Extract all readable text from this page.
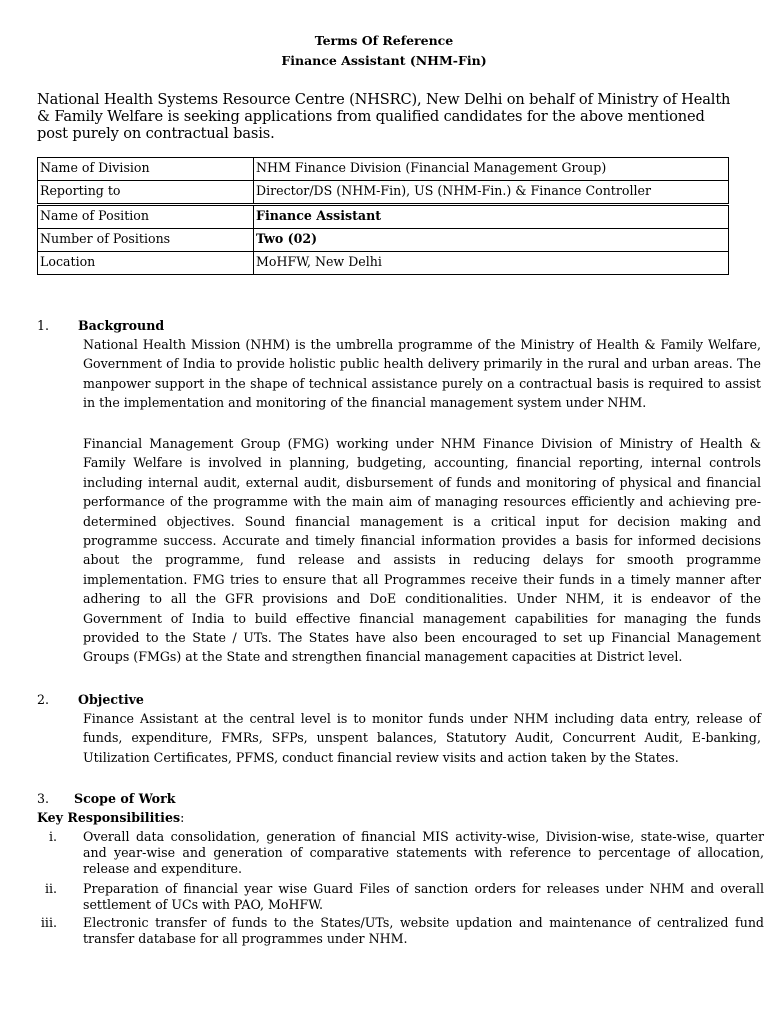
Terms Of Reference
Finance Assistant (NHM-Fin)
National Health Systems Resource Centre (NHSRC), New Delhi on behalf of Ministry of Health & Family Welfare is seeking applications from qualified candidates for the above mentioned post purely on contractual basis.
Name of Division	NHM Finance Division (Financial Management Group)
Reporting to	Director/DS (NHM-Fin), US (NHM-Fin.) & Finance Controller
Name of Position	Finance Assistant
Number of Positions	Two (02)
Location	MoHFW, New Delhi
1. Background
National Health Mission (NHM) is the umbrella programme of the Ministry of Health & Family Welfare, Government of India to provide holistic public health delivery primarily in the rural and urban areas. The manpower support in the shape of technical assistance purely on a contractual basis is required to assist in the implementation and monitoring of the financial management system under NHM.
Financial Management Group (FMG) working under NHM Finance Division of Ministry of Health & Family Welfare is involved in planning, budgeting, accounting, financial reporting, internal controls including internal audit, external audit, disbursement of funds and monitoring of physical and financial performance of the programme with the main aim of managing resources efficiently and achieving pre-determined objectives. Sound financial management is a critical input for decision making and programme success. Accurate and timely financial information provides a basis for informed decisions about the programme, fund release and assists in reducing delays for smooth programme implementation. FMG tries to ensure that all Programmes receive their funds in a timely manner after adhering to all the GFR provisions and DoE conditionalities. Under NHM, it is endeavor of the Government of India to build effective financial management capabilities for managing the funds provided to the State / UTs. The States have also been encouraged to set up Financial Management Groups (FMGs) at the State and strengthen financial management capacities at District level.
2. Objective
Finance Assistant at the central level is to monitor funds under NHM including data entry, release of funds, expenditure, FMRs, SFPs, unspent balances, Statutory Audit, Concurrent Audit, E-banking, Utilization Certificates, PFMS, conduct financial review visits and action taken by the States.
3. Scope of Work
Key Responsibilities:
i. Overall data consolidation, generation of financial MIS activity-wise, Division-wise, state-wise, quarter and year-wise and generation of comparative statements with reference to percentage of allocation, release and expenditure.
ii. Preparation of financial year wise Guard Files of sanction orders for releases under NHM and overall settlement of UCs with PAO, MoHFW.
iii. Electronic transfer of funds to the States/UTs, website updation and maintenance of centralized fund transfer database for all programmes under NHM.
